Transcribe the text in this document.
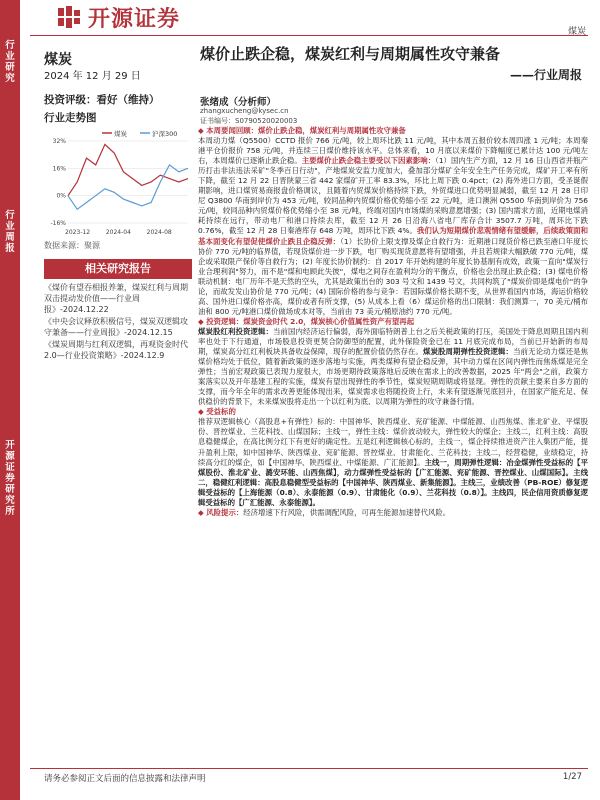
行
业
研
究
行
业
周
报
开
源
证
券
研
究
所
开源证券
煤炭
煤炭	煤价止跌企稳，煤炭红利与周期属性攻守兼备
2024 年 12 月 29 日	——行业周报
投资评级：看好（维持）
行业走势图
煤炭	沪深300
32%
16%
0%
-16%
2023-12	2024-04	2024-08
数据来源：聚源
相关研究报告
《煤价有望吞相报养兼，煤炭红利与周期双击提动发价值——行业周报》-2024.12.22
《中央会议释放积极信号，煤炭双逻辑攻守兼备——行业周报》-2024.12.15
《煤炭周期与红利双逻辑，再观资金时代 2.0—行业投资策略》-2024.12.9
张绪成（分析师）
zhangxucheng@kysec.cn
证书编号：S0790520020003

◆ 本周要闻回顾：煤价止跌企稳，煤炭红利与周期属性攻守兼备

本周动力煤（Q5500）CCTD 报价 766 元/吨，较上周环比跌 11 元/吨，其中本周五报价较本周四涨 1 元/吨；本周秦港平仓价报价 758 元/吨，并连续三日煤价维持该水平。总体来看，10 月底以来煤价下降幅度已累计达 100 元/吨左右，本周煤价已逐渐止跌企稳。主要煤价止跌企稳主要受以下因素影响：（1）国内生产方面，12 月 16 日山西省并瓶产历打击非法违法采矿"冬季百日行动"，产地煤炭安监力度加大，叠加部分煤矿全年安全生产任务完成，煤矿开工率有所下降，截至 12 月 22 日晋陕蒙三省 442 家煤矿开工率 83.3%，环比上周下跌 0.4pct；(2) 海外进口方面，受圣诞假期影响，进口煤贸易商报盘价格调议，且随着内贸煤炭价格持续下跌，外贸煤进口优势明显减弱，截至 12 月 28 日印尼 Q3800 华南到岸价为 453 元/吨，较同品种内贸煤价格优势缩小至 22 元/吨，进口澳洲 Q5500 华南到岸价为 756 元/吨，较同品种内贸煤价格优势缩小至 38 元/吨，终端对国内市场煤的采购意愿增强；(3) 国内需求方面，近期电煤消耗持续在远行，带动电厂和港口持续去库，截至 12 月 26 日沿海八省电厂库存合计 3507.7 万吨，周环比下跌 0.76%，截至 12 月 28 日秦港库存 648 万吨，周环比下跌 4%。我们认为短期煤价悲观情绪有望缓解，后续政策面和基本面变化有望促使煤价止跌且企稳反弹：（1）长协价上限支撑及煤企自救行为：近期港口现货价格已跌至港口年度长协价 770 元/吨的临界值，若现货煤价进一步下跌，电厂购买现货意愿将有望增强，并且若规律大幅跌破 770 元/吨，煤企或采取限产保价等自救行为；(2) 年度长协价制约：自 2017 年开始构建的年度长协基制有成效，政策一直向"煤炭行业合理利润"努力，而不是"煤和电顾此失彼"，煤电之间存在盈利均分的平衡点，价格也会出现止跌企稳；(3) 煤电价格联动机制：电厂历年不是天然的空头，尤其是政策出台的 303 号文和 1439 号文，共同构筑了"煤炭价即是煤电价"的争论，而故发发山协价是 770 元/吨；(4) 国际价格的参与竞争：若国际煤价格长期不变，从世界看国内市场，海运价格较高、国外进口煤价格亦高，煤价或者有所支撑，(5) 从成本上看（6）煤运价格的出口限制：我们测算一，70 美元/桶布油和 800 元/吨港口煤价做场成本对等，当前由 73 美元/桶原油约 770 元/吨。

◆ 投资逻辑：煤炭资金时代 2.0，煤炭核心价值属性资产有望再起

煤炭股红利投资逻辑：当前国内经济运行偏弱，海外面临特朗普上台之后关税政策的打压，美国处于降息周期且国内利率也处于下行通道，市场股息投资更契合防御型的配置，此外保险资金已在 11 月底完成布局，当前已开始新的布局期，煤炭高分红红利板块具备收益保障，现存的配置价值仍然存在。煤炭股周期弹性投资逻辑：当前无论动力煤还是焦煤价格均处于低位，随着新政策的逐步落地与实施，两类煤种有望企稳反弹，其中动力煤在区间内弹性而焦炼煤是完全弹性；当前宏观政策已表现力度很大，市场更期待政策落地后反映在需求上的改善数据，2025 年"两会"之前，政策方案落实以及开年基建工程的实施，煤炭有望出现弹性的季节性，煤炭短期周期或将显现。弹性的贡献主要来自多方面的支撑，而今年全年的需求改善更能体现出来，煤炭需求也将随投资上行，未来有望逐渐见底回升，在国家产能充足、保供稳价的背景下，未来煤炭股将走出一个以红利为底、以周期为弹性的攻守兼备行情。

◆ 受益标的

推荐双逻辑核心（高股息+有弹性）标的：中国神华、陕西煤业、兖矿能源、中煤能源、山西焦煤、淮北矿业、平煤股份、晋控煤业、兰花科技、山煤国际；主线一，弹性主线：煤价波动较大，弹性较大的煤企；主线二，红利主线：高股息稳健煤企，在高比例分红下有更好的确定性。五是红利逻辑核心标的，主线一，煤企持续推进资产注入集团产能，提升盈利上限，如中国神华、陕西煤业、兖矿能源、晋控煤业、甘肃能化、兰花科技；主线二，经营稳健，业绩稳定，持续高分红的煤企，如【中国神华、陕西煤业、中煤能源、广汇能源】。主线一，周期弹性逻辑：冶金煤弹性受益标的【平煤股份、淮北矿业、潞安环能、山西焦煤】，动力煤弹性受益标的【广汇能源、兖矿能源、晋控煤业、山煤国际】。主线二，稳健红利逻辑：高股息稳健型受益标的【中国神华、陕西煤业、新集能源】。主线三，业绩改善（PB-ROE）修复逻辑受益标的【上海能源（0.8）、永泰能源（0.9）、甘肃能化（0.9）、兰花科技（0.8）】。主线四，民企信用资质修复逻辑受益标的【广汇能源、永泰能源】。

◆ 风险提示：经济增速下行风险，供需调配风险，可再生能源加速替代风险。

请务必参阅正文后面的信息披露和法律声明	1/27
